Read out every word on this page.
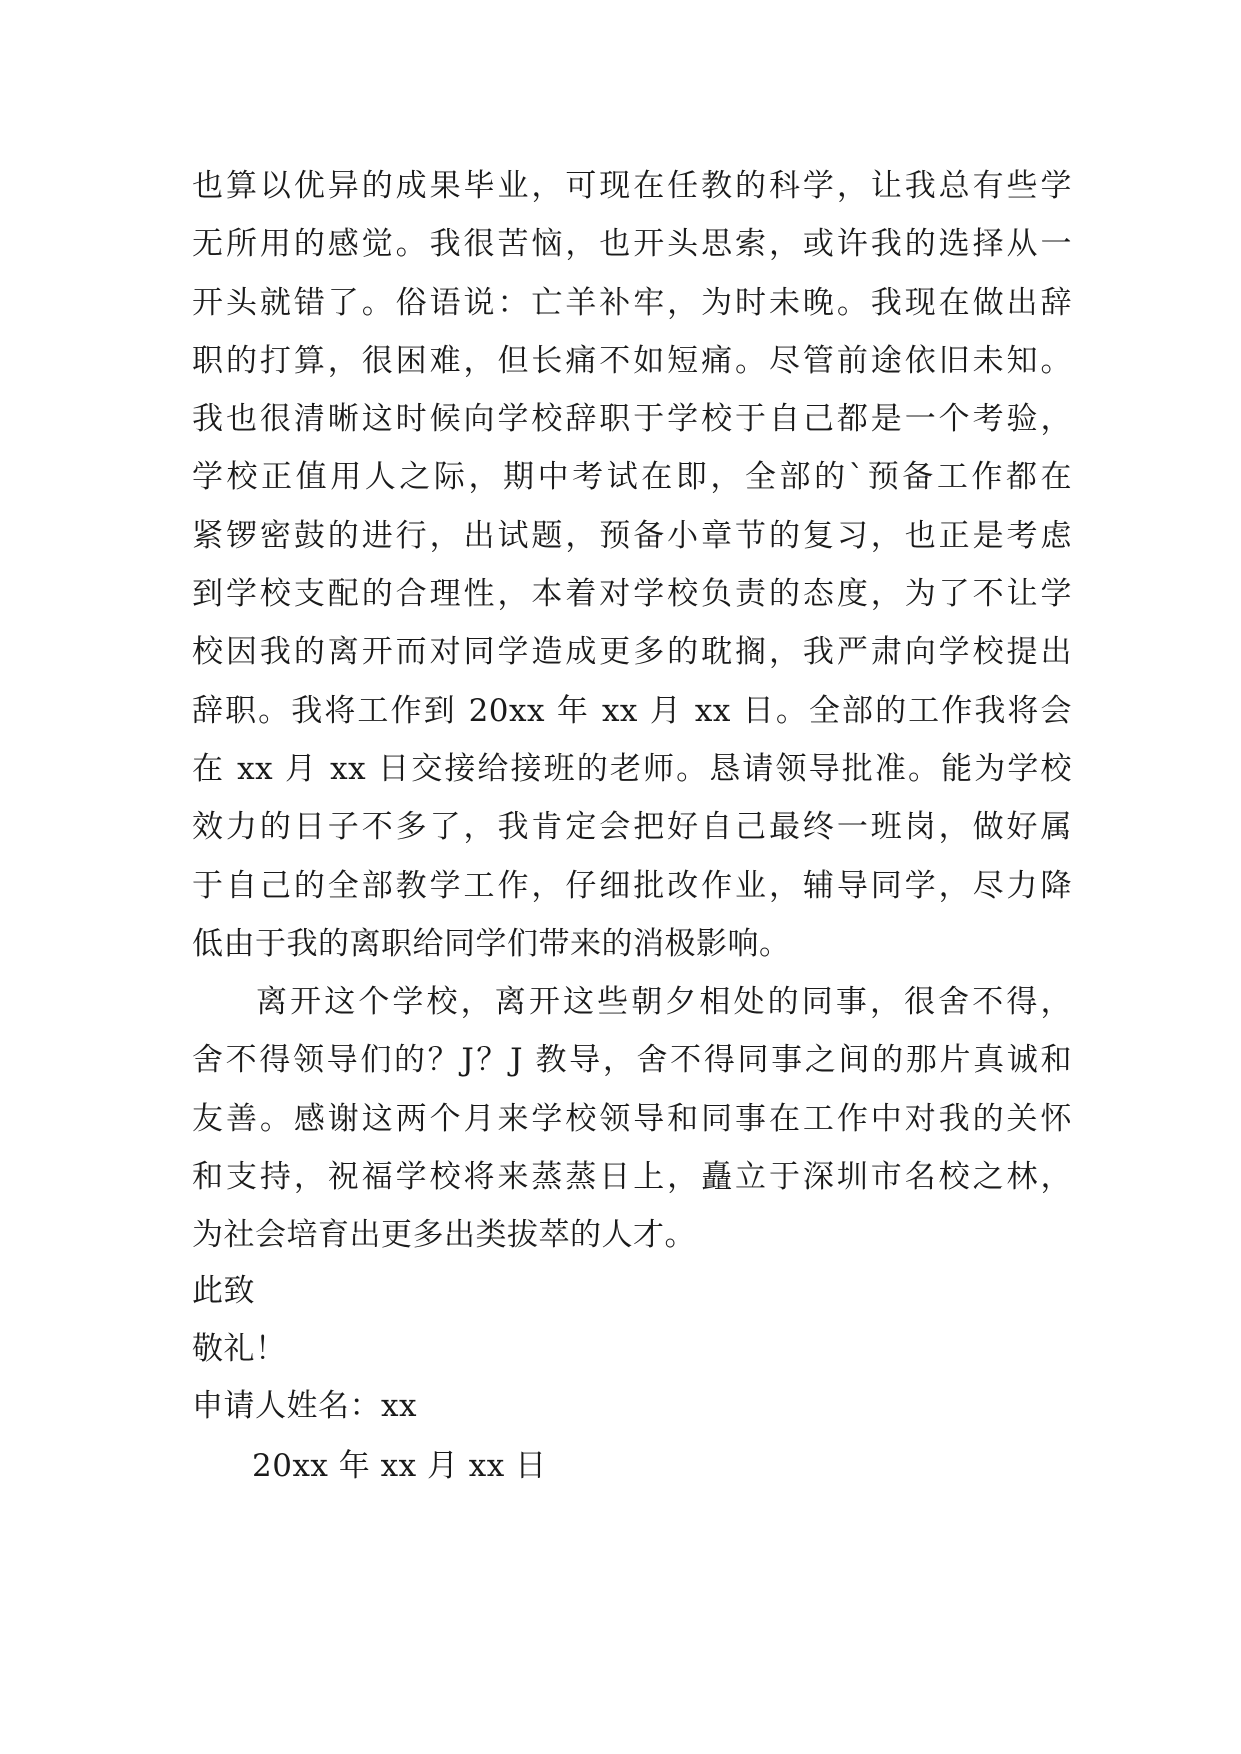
也算以优异的成果毕业，可现在任教的科学，让我总有些学
无所用的感觉。我很苦恼，也开头思索，或许我的选择从一
开头就错了。俗语说：亡羊补牢，为时未晚。我现在做出辞
职的打算，很困难，但长痛不如短痛。尽管前途依旧未知。
我也很清晰这时候向学校辞职于学校于自己都是一个考验，
学校正值用人之际，期中考试在即，全部的`预备工作都在
紧锣密鼓的进行，出试题，预备小章节的复习，也正是考虑
到学校支配的合理性，本着对学校负责的态度，为了不让学
校因我的离开而对同学造成更多的耽搁，我严肃向学校提出
辞职。我将工作到 20xx 年 xx 月 xx 日。全部的工作我将会
在 xx 月 xx 日交接给接班的老师。恳请领导批准。能为学校
效力的日子不多了，我肯定会把好自己最终一班岗，做好属
于自己的全部教学工作，仔细批改作业，辅导同学，尽力降
低由于我的离职给同学们带来的消极影响。
离开这个学校，离开这些朝夕相处的同事，很舍不得，
舍不得领导们的？J？J 教导，舍不得同事之间的那片真诚和
友善。感谢这两个月来学校领导和同事在工作中对我的关怀
和支持，祝福学校将来蒸蒸日上，矗立于深圳市名校之林，
为社会培育出更多出类拔萃的人才。
此致
敬礼！
申请人姓名：xx
20xx 年 xx 月 xx 日
